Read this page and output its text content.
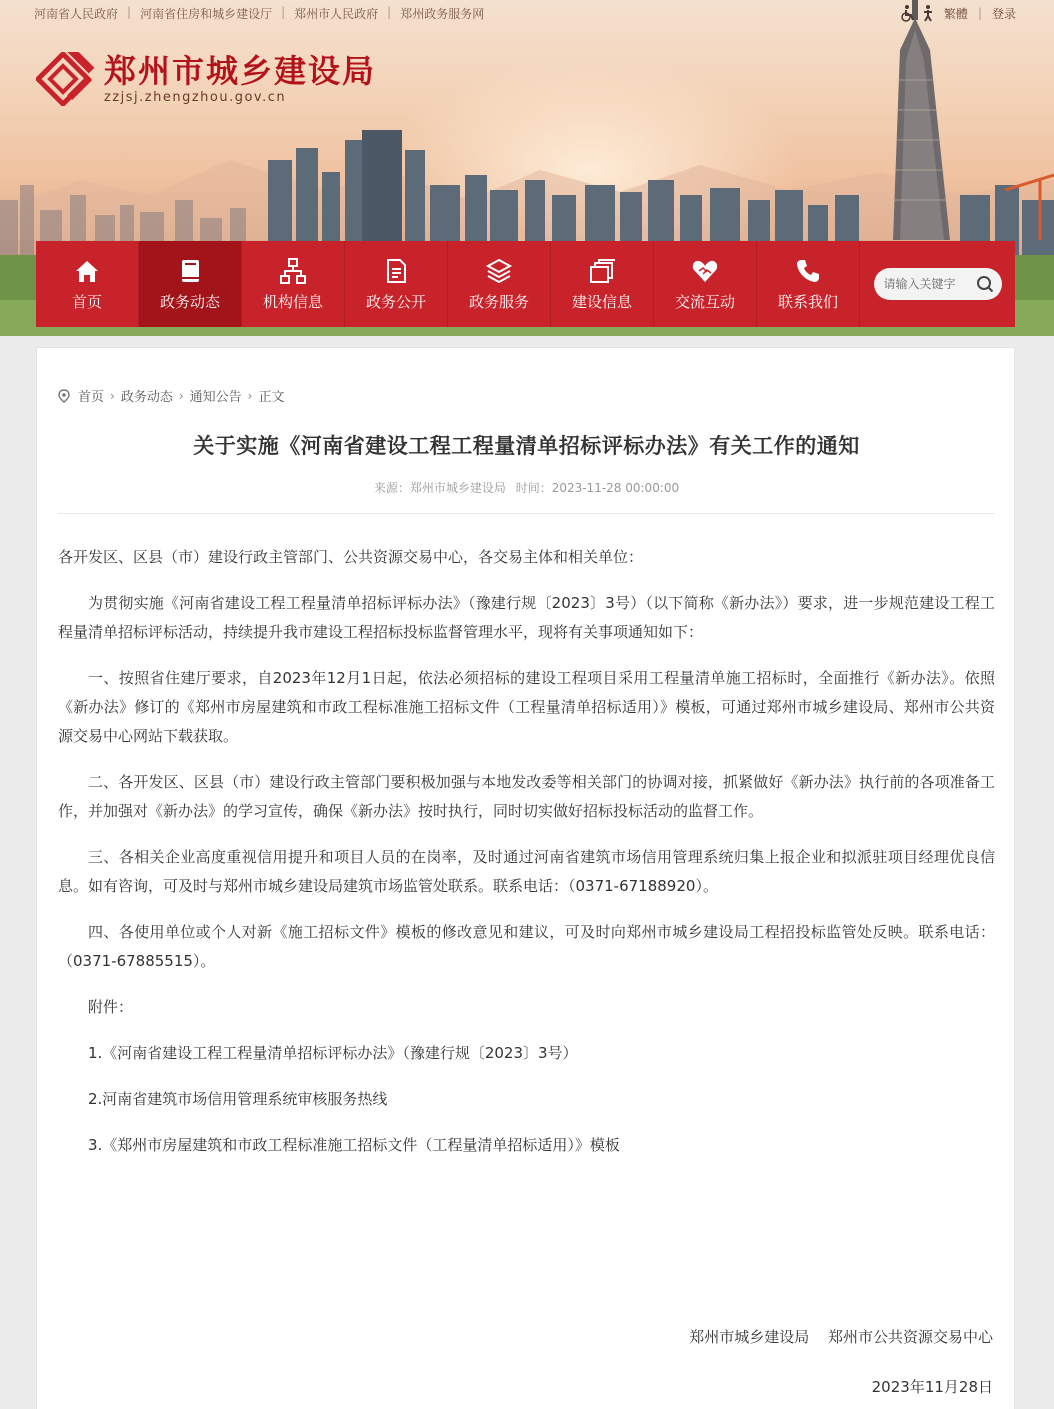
河南省人民政府 | 河南省住房和城乡建设厅 | 郑州市人民政府 | 郑州政务服务网	繁體 | 登录
郑州市城乡建设局
zzjsj.zhengzhou.gov.cn
首页	政务动态	机构信息	政务公开	政务服务	建设信息	交流互动	联系我们
请输入关键字
首页 › 政务动态 › 通知公告 › 正文
关于实施《河南省建设工程工程量清单招标评标办法》有关工作的通知
来源：郑州市城乡建设局 时间：2023-11-28 00:00:00

各开发区、区县（市）建设行政主管部门、公共资源交易中心，各交易主体和相关单位：

为贯彻实施《河南省建设工程工程量清单招标评标办法》（豫建行规〔2023〕3号）（以下简称《新办法》）要求，进一步规范建设工程工程量清单招标评标活动，持续提升我市建设工程招标投标监督管理水平，现将有关事项通知如下：

一、按照省住建厅要求，自2023年12月1日起，依法必须招标的建设工程项目采用工程量清单施工招标时，全面推行《新办法》。依照《新办法》修订的《郑州市房屋建筑和市政工程标准施工招标文件（工程量清单招标适用）》模板，可通过郑州市城乡建设局、郑州市公共资源交易中心网站下载获取。

二、各开发区、区县（市）建设行政主管部门要积极加强与本地发改委等相关部门的协调对接，抓紧做好《新办法》执行前的各项准备工作，并加强对《新办法》的学习宣传，确保《新办法》按时执行，同时切实做好招标投标活动的监督工作。

三、各相关企业高度重视信用提升和项目人员的在岗率，及时通过河南省建筑市场信用管理系统归集上报企业和拟派驻项目经理优良信息。如有咨询，可及时与郑州市城乡建设局建筑市场监管处联系。联系电话：（0371-67188920）。

四、各使用单位或个人对新《施工招标文件》模板的修改意见和建议，可及时向郑州市城乡建设局工程招投标监管处反映。联系电话：（0371-67885515）。

附件：

1.《河南省建设工程工程量清单招标评标办法》（豫建行规〔2023〕3号）

2.河南省建筑市场信用管理系统审核服务热线

3.《郑州市房屋建筑和市政工程标准施工招标文件（工程量清单招标适用）》模板

郑州市城乡建设局 郑州市公共资源交易中心
2023年11月28日
